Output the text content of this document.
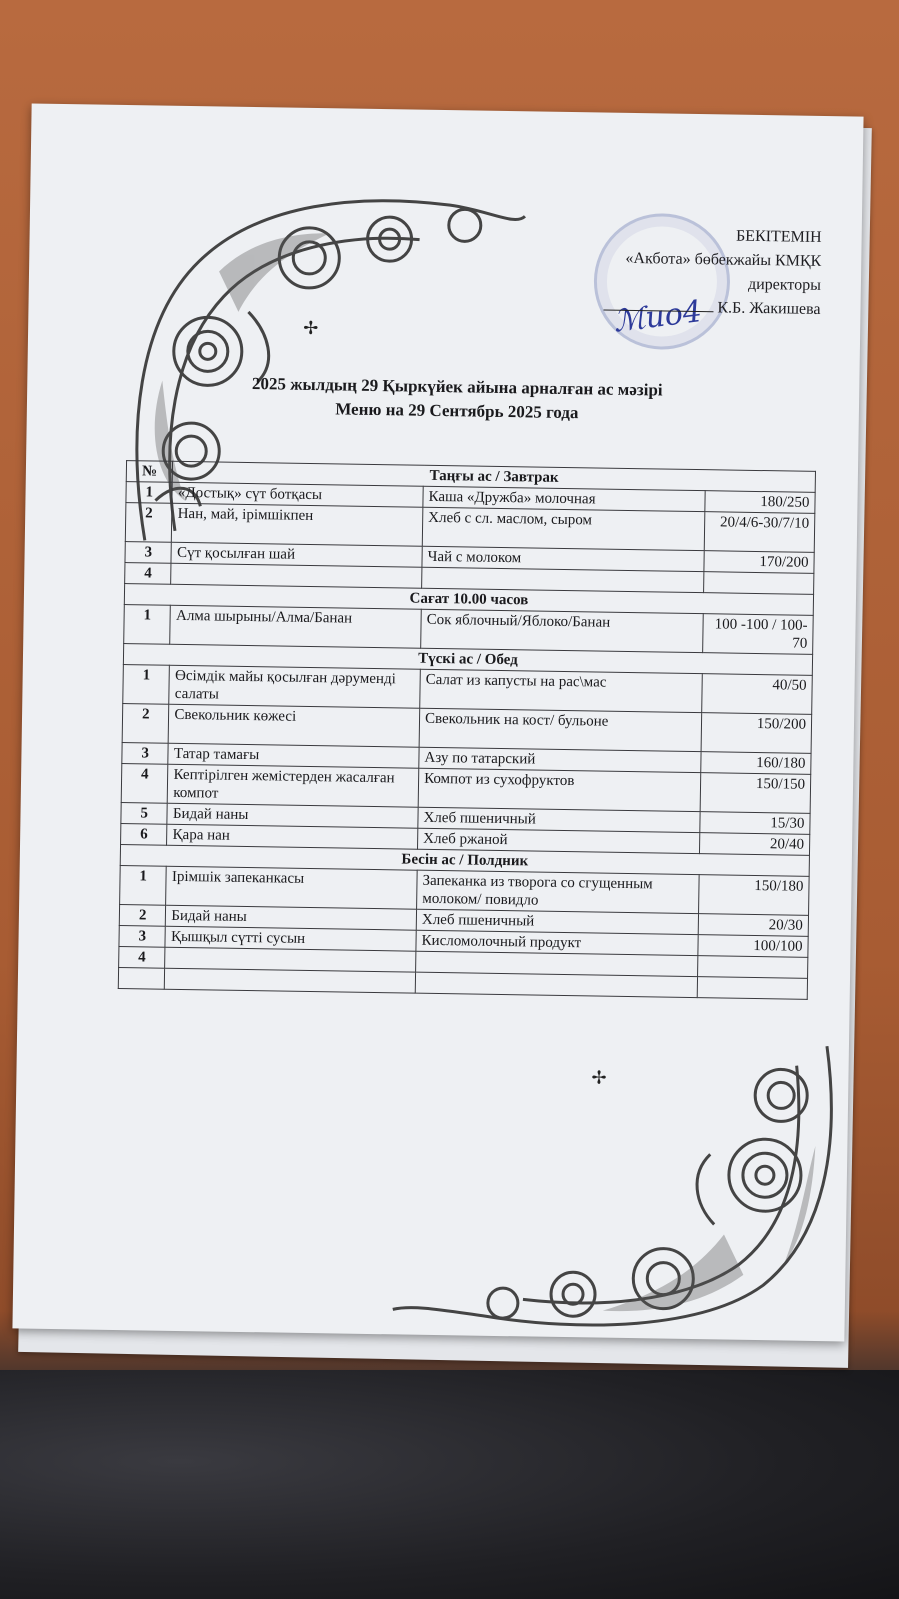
ℳuo4
БЕКІТЕМІН
«Акбота» бөбекжайы КМҚК
директоры
К.Б. Жакишева
✢
✢
2025 жылдың 29 Қыркүйек айына арналған ас мәзірі
Меню на 29 Сентябрь 2025 года
№	Таңғы ас / Завтрак		
1	«Достық» сүт ботқасы	Каша «Дружба» молочная	180/250
2	Нан, май, ірімшікпен	Хлеб с сл. маслом, сыром	20/4/6-30/7/10
3	Сүт қосылған шай	Чай с молоком	170/200
4			
Сағат 10.00 часов			
1	Алма шырыны/Алма/Банан	Сок яблочный/Яблоко/Банан	100 -100 / 100-70
Түскі ас / Обед			
1	Өсімдік майы қосылған дәруменді салаты	Салат из капусты на рас\мас	40/50
2	Свекольник көжесі	Свекольник на кост/ бульоне	150/200
3	Татар тамағы	Азу по татарский	160/180
4	Кептірілген жемістерден жасалған компот	Компот из сухофруктов	150/150
5	Бидай наны	Хлеб пшеничный	15/30
6	Қара нан	Хлеб ржаной	20/40
Бесін ас / Полдник			
1	Ірімшік запеканкасы	Запеканка из творога со сгущенным молоком/ повидло	150/180
2	Бидай наны	Хлеб пшеничный	20/30
3	Қышқыл сүтті сусын	Кисломолочный продукт	100/100
4			
